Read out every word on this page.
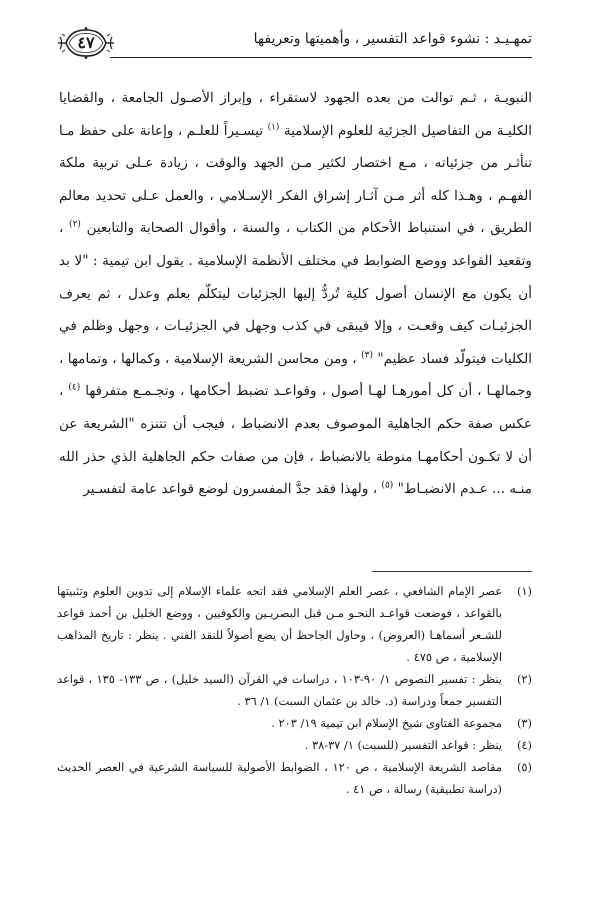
تمهـيـد : نشوء قواعد التفسير ، وأهميتها وتعريفها
٤٧

النبويـة ، ثـم توالت من بعده الجهود لاستقراء ، وإبراز الأصـول الجامعة ، والقضايا الكليـة من التفاصيل الجزئية للعلوم الإسلامية $^{(١)}$ تيسـيراً للعلـم ، وإعانة على حفظ مـا تنأثـر من جزئياته ، مـع اختصار لكثير مـن الجهد والوقت ، زيادة عـلى تربية ملكة الفهـم ، وهـذا كله أثر مـن آثـار إشراق الفكر الإسـلامي ، والعمل عـلى تحديد معالم الطريق ، في استنباط الأحكام من الكتاب ، والسنة ، وأقوال الصحابة والتابعين $^{(٢)}$ ، وتقعيد القواعد ووضع الضوابط في مختلف الأنظمة الإسلامية . يقول ابن تيمية : "لا بد أن يكون مع الإنسان أصول كلية تُردُّ إليها الجزئيات ليتكلّم بعلم وعدل ، ثم يعرف الجزئيـات كيف وقعـت ، وإلا فيبقى في كذب وجهل في الجزئيـات ، وجهل وظلم في الكليات فيتولّد فساد عظيم" $^{(٣)}$ ، ومن محاسن الشريعة الإسلامية ، وكمالها ، وتمامها ، وجمالهـا ، أن كل أمورهـا لهـا أصول ، وقواعـد تضبط أحكامها ، وتجـمـع متفرقها $^{(٤)}$ ، عكس صفة حكم الجاهلية الموصوف بعدم الانضباط ، فيجب أن تتنزه "الشريعة عن أن لا تكـون أحكامهـا منوطة بالانضباط ، فإن من صفات حكم الجاهلية الذي حذر الله منـه ... عـدم الانضبـاط" $^{(٥)}$ ، ولهذا فقد جدَّ المفسرون لوضع قواعد عامة لتفسـير

(١)
عصر الإمام الشافعي ، عصر العلم الإسلامي فقد اتجه علماء الإسلام إلى تدوين العلوم وتثبيتها بالقواعد ، فوضعت قواعـد النحـو مـن قبل البصريـين والكوفيين ، ووضع الخليل بن أحمد قواعد للشـعر أسماهـا (العروض) ، وحاول الجاحظ أن يضع أصولاً للنقد الفني . ينظر : تاريخ المذاهب الإسلامية ، ص ٤٧٥ .
(٢)
ينظر : تفسير النصوص ١/ ٩٠-١٠٣ ، دراسات في القرآن (السيد خليل) ، ص ١٣٣- ١٣٥ ، قواعد التفسير جمعاً ودراسة (د. خالد بن عثمان السبت) ١/ ٣٦ .
(٣)
مجموعة الفتاوى شيخ الإسلام ابن تيمية ١٩/ ٢٠٣ .
(٤)
ينظر : قواعد التفسير (للسبت) ١/ ٣٧-٣٨ .
(٥)
مقاصد الشريعة الإسلامية ، ص ١٢٠ ، الضوابط الأصولية للسياسة الشرعية في العصر الحديث (دراسة تطبيقية) رسالة ، ص ٤١ .
